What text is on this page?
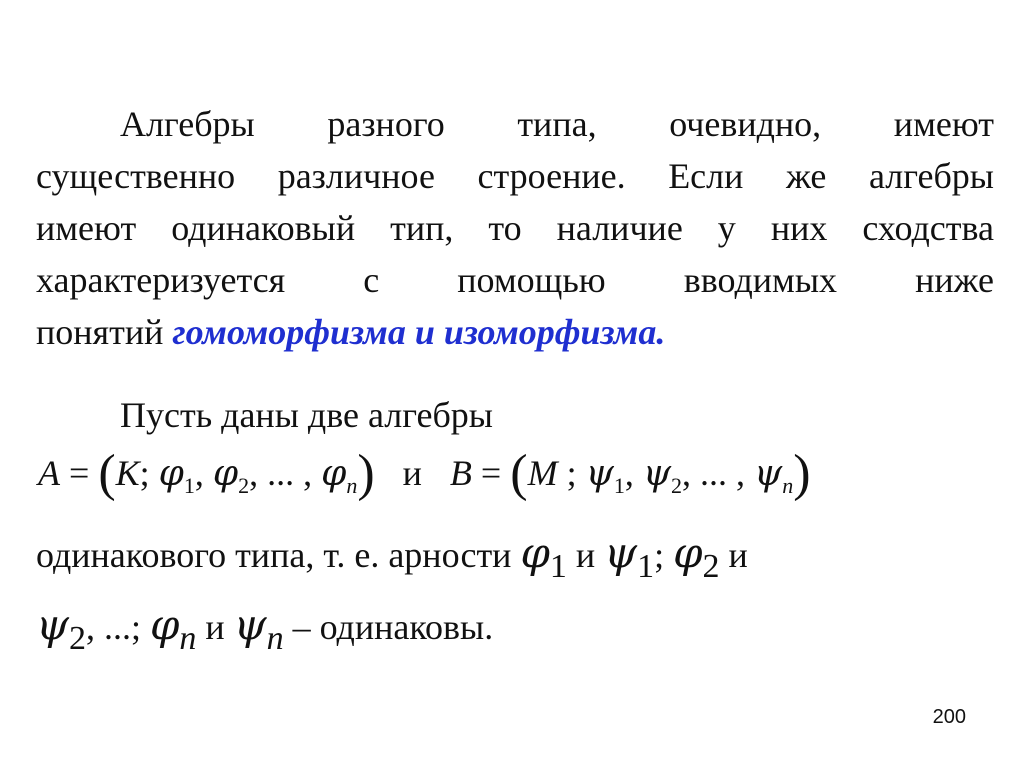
Алгебры разного типа, очевидно, имеют
существенно различное строение. Если же алгебры
имеют одинаковый тип, то наличие у них сходства
характеризуется с помощью вводимых ниже
понятий гомоморфизма и изоморфизма.
Пусть даны две алгебры
A = (K; $\varphi_1$, $\varphi_2$, ... , $\varphi_n$) и B = (M ; $\psi_1$, $\psi_2$, ... , $\psi_n$)
одинакового типа, т. е. арности φ1 и ψ1; φ2 и
ψ2, ...; φn и ψn – одинаковы.
200
